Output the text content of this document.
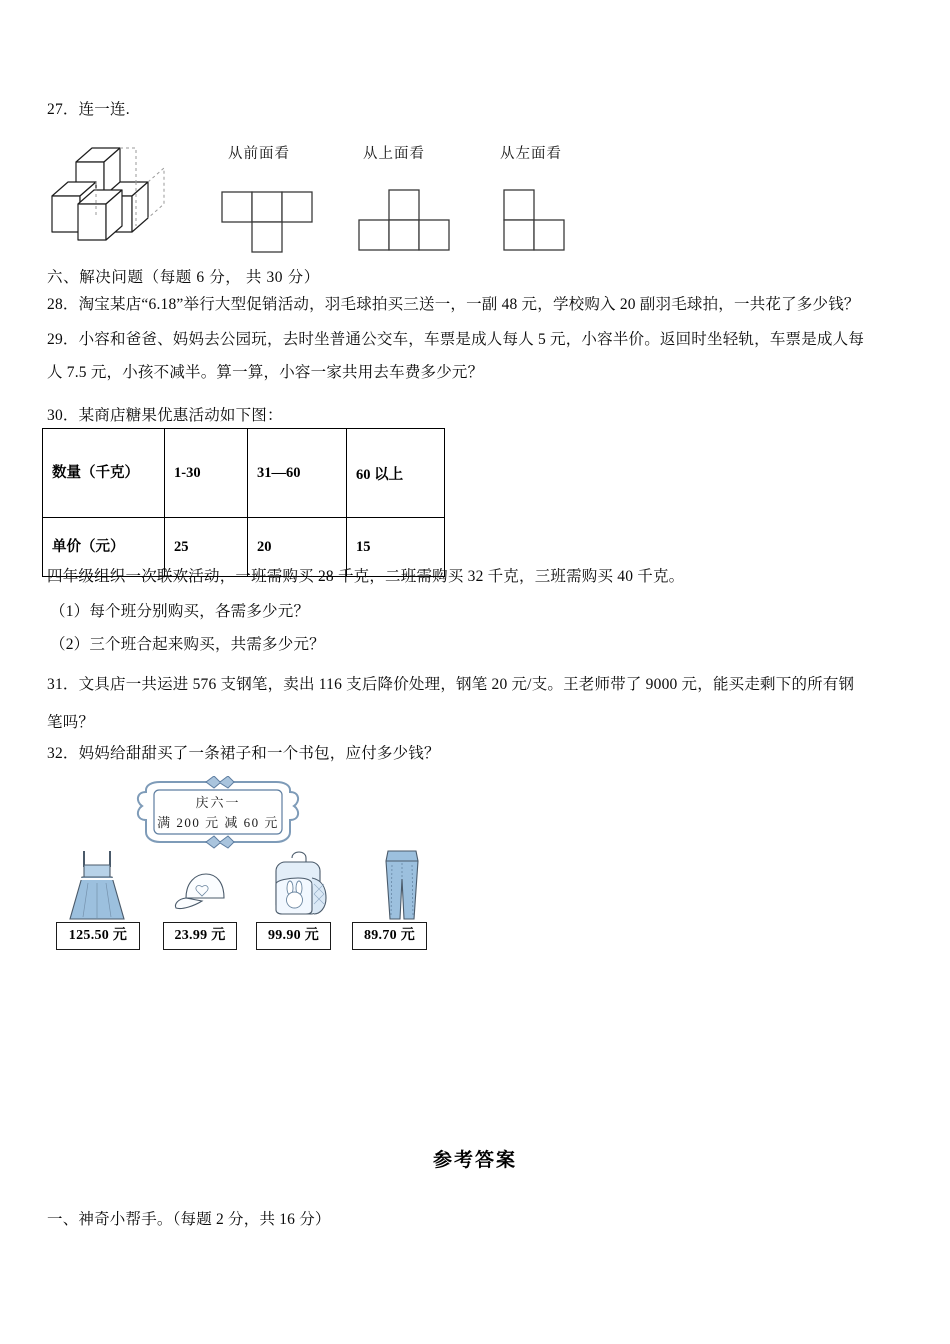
27．连一连.
从前面看	从上面看	从左面看
六、解决问题（每题 6 分， 共 30 分）
28．淘宝某店“6.18”举行大型促销活动，羽毛球拍买三送一，一副 48 元，学校购入 20 副羽毛球拍，一共花了多少钱？
29．小容和爸爸、妈妈去公园玩，去时坐普通公交车，车票是成人每人 5 元，小容半价。返回时坐轻轨，车票是成人每
人 7.5 元，小孩不减半。算一算，小容一家共用去车费多少元？
30．某商店糖果优惠活动如下图：
数量（千克）	1-30	31—60	60 以上
单价（元）	25	20	15
四年级组织一次联欢活动，一班需购买 28 千克，二班需购买 32 千克，三班需购买 40 千克。
（1）每个班分别购买，各需多少元？
（2）三个班合起来购买，共需多少元？
31．文具店一共运进 576 支钢笔，卖出 116 支后降价处理，钢笔 20 元/支。王老师带了 9000 元，能买走剩下的所有钢
笔吗？
32．妈妈给甜甜买了一条裙子和一个书包，应付多少钱？
庆六一
满 200 元 减 60 元
125.50 元	23.99 元	99.90 元	89.70 元
参考答案
一、神奇小帮手。（每题 2 分，共 16 分）
